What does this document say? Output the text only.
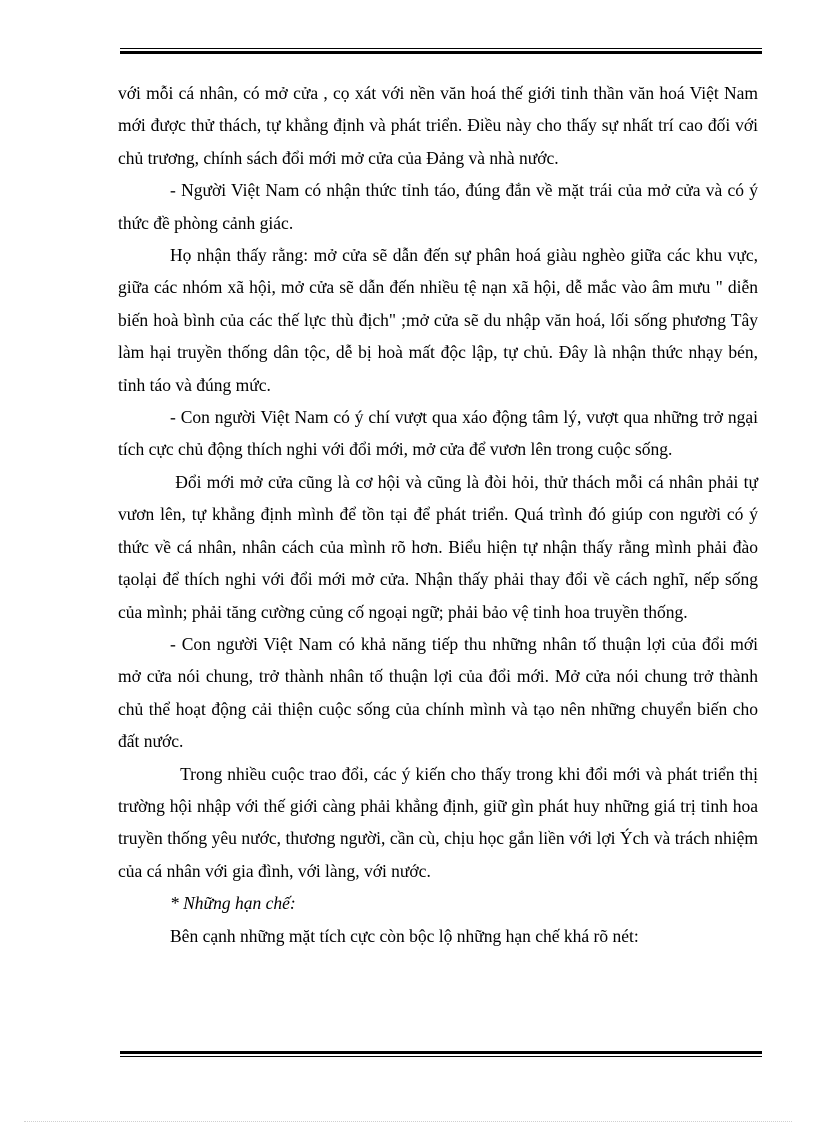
với mỗi cá nhân, có mở cửa , cọ xát với nền văn hoá thế giới tinh thần văn hoá Việt Nam mới được thử thách, tự khẳng định và phát triển. Điều này cho thấy sự nhất trí cao đối với chủ trương, chính sách đổi mới mở cửa của Đảng và nhà nước.

- Người Việt Nam có nhận thức tỉnh táo, đúng đắn về mặt trái của mở cửa và có ý thức đề phòng cảnh giác.

Họ nhận thấy rằng: mở cửa sẽ dẫn đến sự phân hoá giàu nghèo giữa các khu vực, giữa các nhóm xã hội, mở cửa sẽ dẫn đến nhiều tệ nạn xã hội, dễ mắc vào âm mưu " diễn biến hoà bình của các thế lực thù địch" ;mở cửa sẽ du nhập văn hoá, lối sống phương Tây làm hại truyền thống dân tộc, dễ bị hoà mất độc lập, tự chủ. Đây là nhận thức nhạy bén, tỉnh táo và đúng mức.

- Con người Việt Nam có ý chí vượt qua xáo động tâm lý, vượt qua những trở ngại tích cực chủ động thích nghi với đổi mới, mở cửa để vươn lên trong cuộc sống.

Đổi mới mở cửa cũng là cơ hội và cũng là đòi hỏi, thử thách mỗi cá nhân phải tự vươn lên, tự khẳng định mình để tồn tại để phát triển. Quá trình đó giúp con người có ý thức về cá nhân, nhân cách của mình rõ hơn. Biểu hiện tự nhận thấy rằng mình phải đào tạolại để thích nghi với đổi mới mở cửa. Nhận thấy phải thay đổi về cách nghĩ, nếp sống của mình; phải tăng cường củng cố ngoại ngữ; phải bảo vệ tinh hoa truyền thống.

- Con người Việt Nam có khả năng tiếp thu những nhân tố thuận lợi của đổi mới mở cửa nói chung, trở thành nhân tố thuận lợi của đổi mới. Mở cửa nói chung trở thành chủ thể hoạt động cải thiện cuộc sống của chính mình và tạo nên những chuyển biến cho đất nước.

Trong nhiều cuộc trao đổi, các ý kiến cho thấy trong khi đổi mới và phát triển thị trường hội nhập với thế giới càng phải khẳng định, giữ gìn phát huy những giá trị tinh hoa truyền thống yêu nước, thương người, cần cù, chịu học gắn liền với lợi Ých và trách nhiệm của cá nhân với gia đình, với làng, với nước.

* Những hạn chế:

Bên cạnh những mặt tích cực còn bộc lộ những hạn chế khá rõ nét:
